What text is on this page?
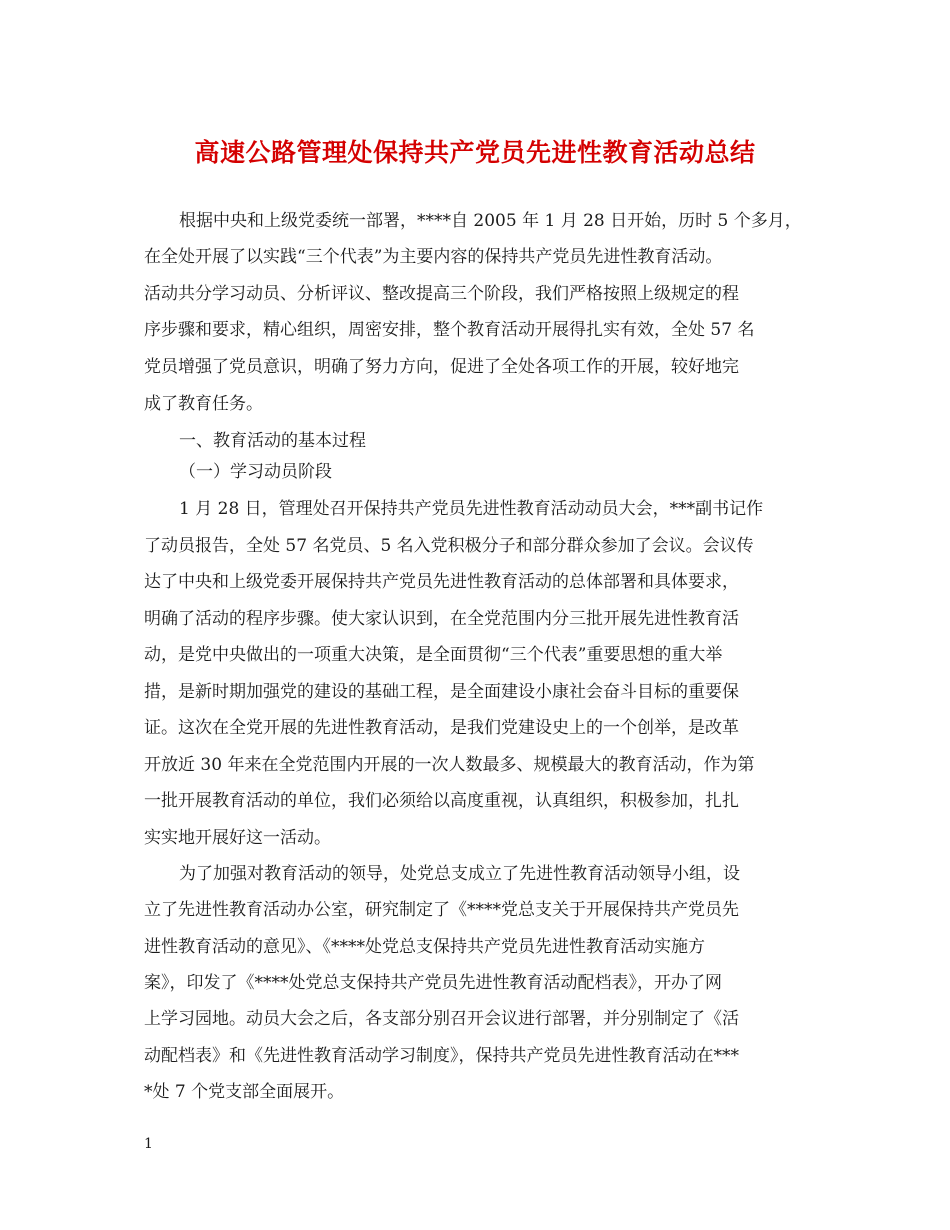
高速公路管理处保持共产党员先进性教育活动总结
根据中央和上级党委统一部署，****自 2005 年 1 月 28 日开始，历时 5 个多月，
在全处开展了以实践“三个代表”为主要内容的保持共产党员先进性教育活动。
活动共分学习动员、分析评议、整改提高三个阶段，我们严格按照上级规定的程
序步骤和要求，精心组织，周密安排，整个教育活动开展得扎实有效，全处 57 名
党员增强了党员意识，明确了努力方向，促进了全处各项工作的开展，较好地完
成了教育任务。
一、教育活动的基本过程
（一）学习动员阶段
1 月 28 日，管理处召开保持共产党员先进性教育活动动员大会，***副书记作
了动员报告，全处 57 名党员、5 名入党积极分子和部分群众参加了会议。会议传
达了中央和上级党委开展保持共产党员先进性教育活动的总体部署和具体要求，
明确了活动的程序步骤。使大家认识到，在全党范围内分三批开展先进性教育活
动，是党中央做出的一项重大决策，是全面贯彻“三个代表”重要思想的重大举
措，是新时期加强党的建设的基础工程，是全面建设小康社会奋斗目标的重要保
证。这次在全党开展的先进性教育活动，是我们党建设史上的一个创举，是改革
开放近 30 年来在全党范围内开展的一次人数最多、规模最大的教育活动，作为第
一批开展教育活动的单位，我们必须给以高度重视，认真组织，积极参加，扎扎
实实地开展好这一活动。
为了加强对教育活动的领导，处党总支成立了先进性教育活动领导小组，设
立了先进性教育活动办公室，研究制定了《****党总支关于开展保持共产党员先
进性教育活动的意见》、《****处党总支保持共产党员先进性教育活动实施方
案》，印发了《****处党总支保持共产党员先进性教育活动配档表》，开办了网
上学习园地。动员大会之后，各支部分别召开会议进行部署，并分别制定了《活
动配档表》和《先进性教育活动学习制度》，保持共产党员先进性教育活动在***
*处 7 个党支部全面展开。
1
